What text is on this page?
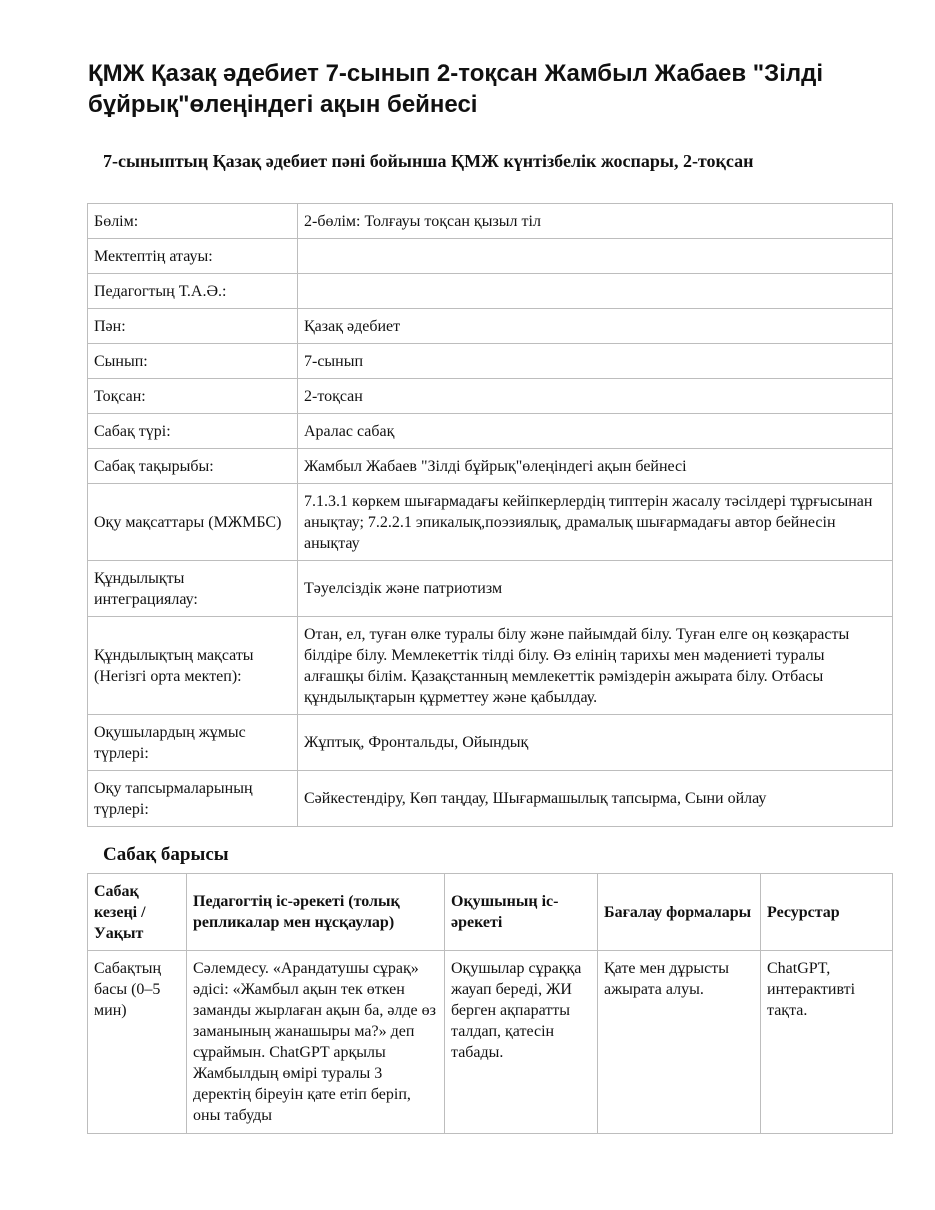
ҚМЖ Қазақ әдебиет 7-сынып 2-тоқсан Жамбыл Жабаев "Зілді бұйрық"өлеңіндегі ақын бейнесі
7-сыныптың Қазақ әдебиет пәні бойынша ҚМЖ күнтізбелік жоспары, 2-тоқсан
Бөлім:	2-бөлім: Толғауы тоқсан қызыл тіл
Мектептің атауы:	
Педагогтың Т.А.Ә.:	
Пән:	Қазақ әдебиет
Сынып:	7-сынып
Тоқсан:	2-тоқсан
Сабақ түрі:	Аралас сабақ
Сабақ тақырыбы:	Жамбыл Жабаев "Зілді бұйрық"өлеңіндегі ақын бейнесі
Оқу мақсаттары (МЖМБС)	7.1.3.1 көркем шығармадағы кейіпкерлердің типтерін жасалу тәсілдері тұрғысынан анықтау; 7.2.2.1 эпикалық,поэзиялық, драмалық шығармадағы автор бейнесін анықтау
Құндылықты интеграциялау:	Тәуелсіздік және патриотизм
Құндылықтың мақсаты (Негізгі орта мектеп):	Отан, ел, туған өлке туралы білу және пайымдай білу. Туған елге оң көзқарасты білдіре білу. Мемлекеттік тілді білу. Өз елінің тарихы мен мәдениеті туралы алғашқы білім. Қазақстанның мемлекеттік рәміздерін ажырата білу. Отбасы құндылықтарын құрметтеу және қабылдау.
Оқушылардың жұмыс түрлері:	Жұптық, Фронтальды, Ойындық
Оқу тапсырмаларының түрлері:	Сәйкестендіру, Көп таңдау, Шығармашылық тапсырма, Сыни ойлау
Сабақ барысы
Сабақ кезеңі / Уақыт	Педагогтің іс-әрекеті (толық репликалар мен нұсқаулар)	Оқушының іс-әрекеті	Бағалау формалары	Ресурстар
Сабақтың басы (0–5 мин)	Сәлемдесу. «Арандатушы сұрақ» әдісі: «Жамбыл ақын тек өткен заманды жырлаған ақын ба, әлде өз заманының жанашыры ма?» деп сұраймын. ChatGPT арқылы Жамбылдың өмірі туралы 3 деректің біреуін қате етіп беріп, оны табуды	Оқушылар сұраққа жауап береді, ЖИ берген ақпаратты талдап, қатесін табады.	Қате мен дұрысты ажырата алуы.	ChatGPT, интерактивті тақта.
